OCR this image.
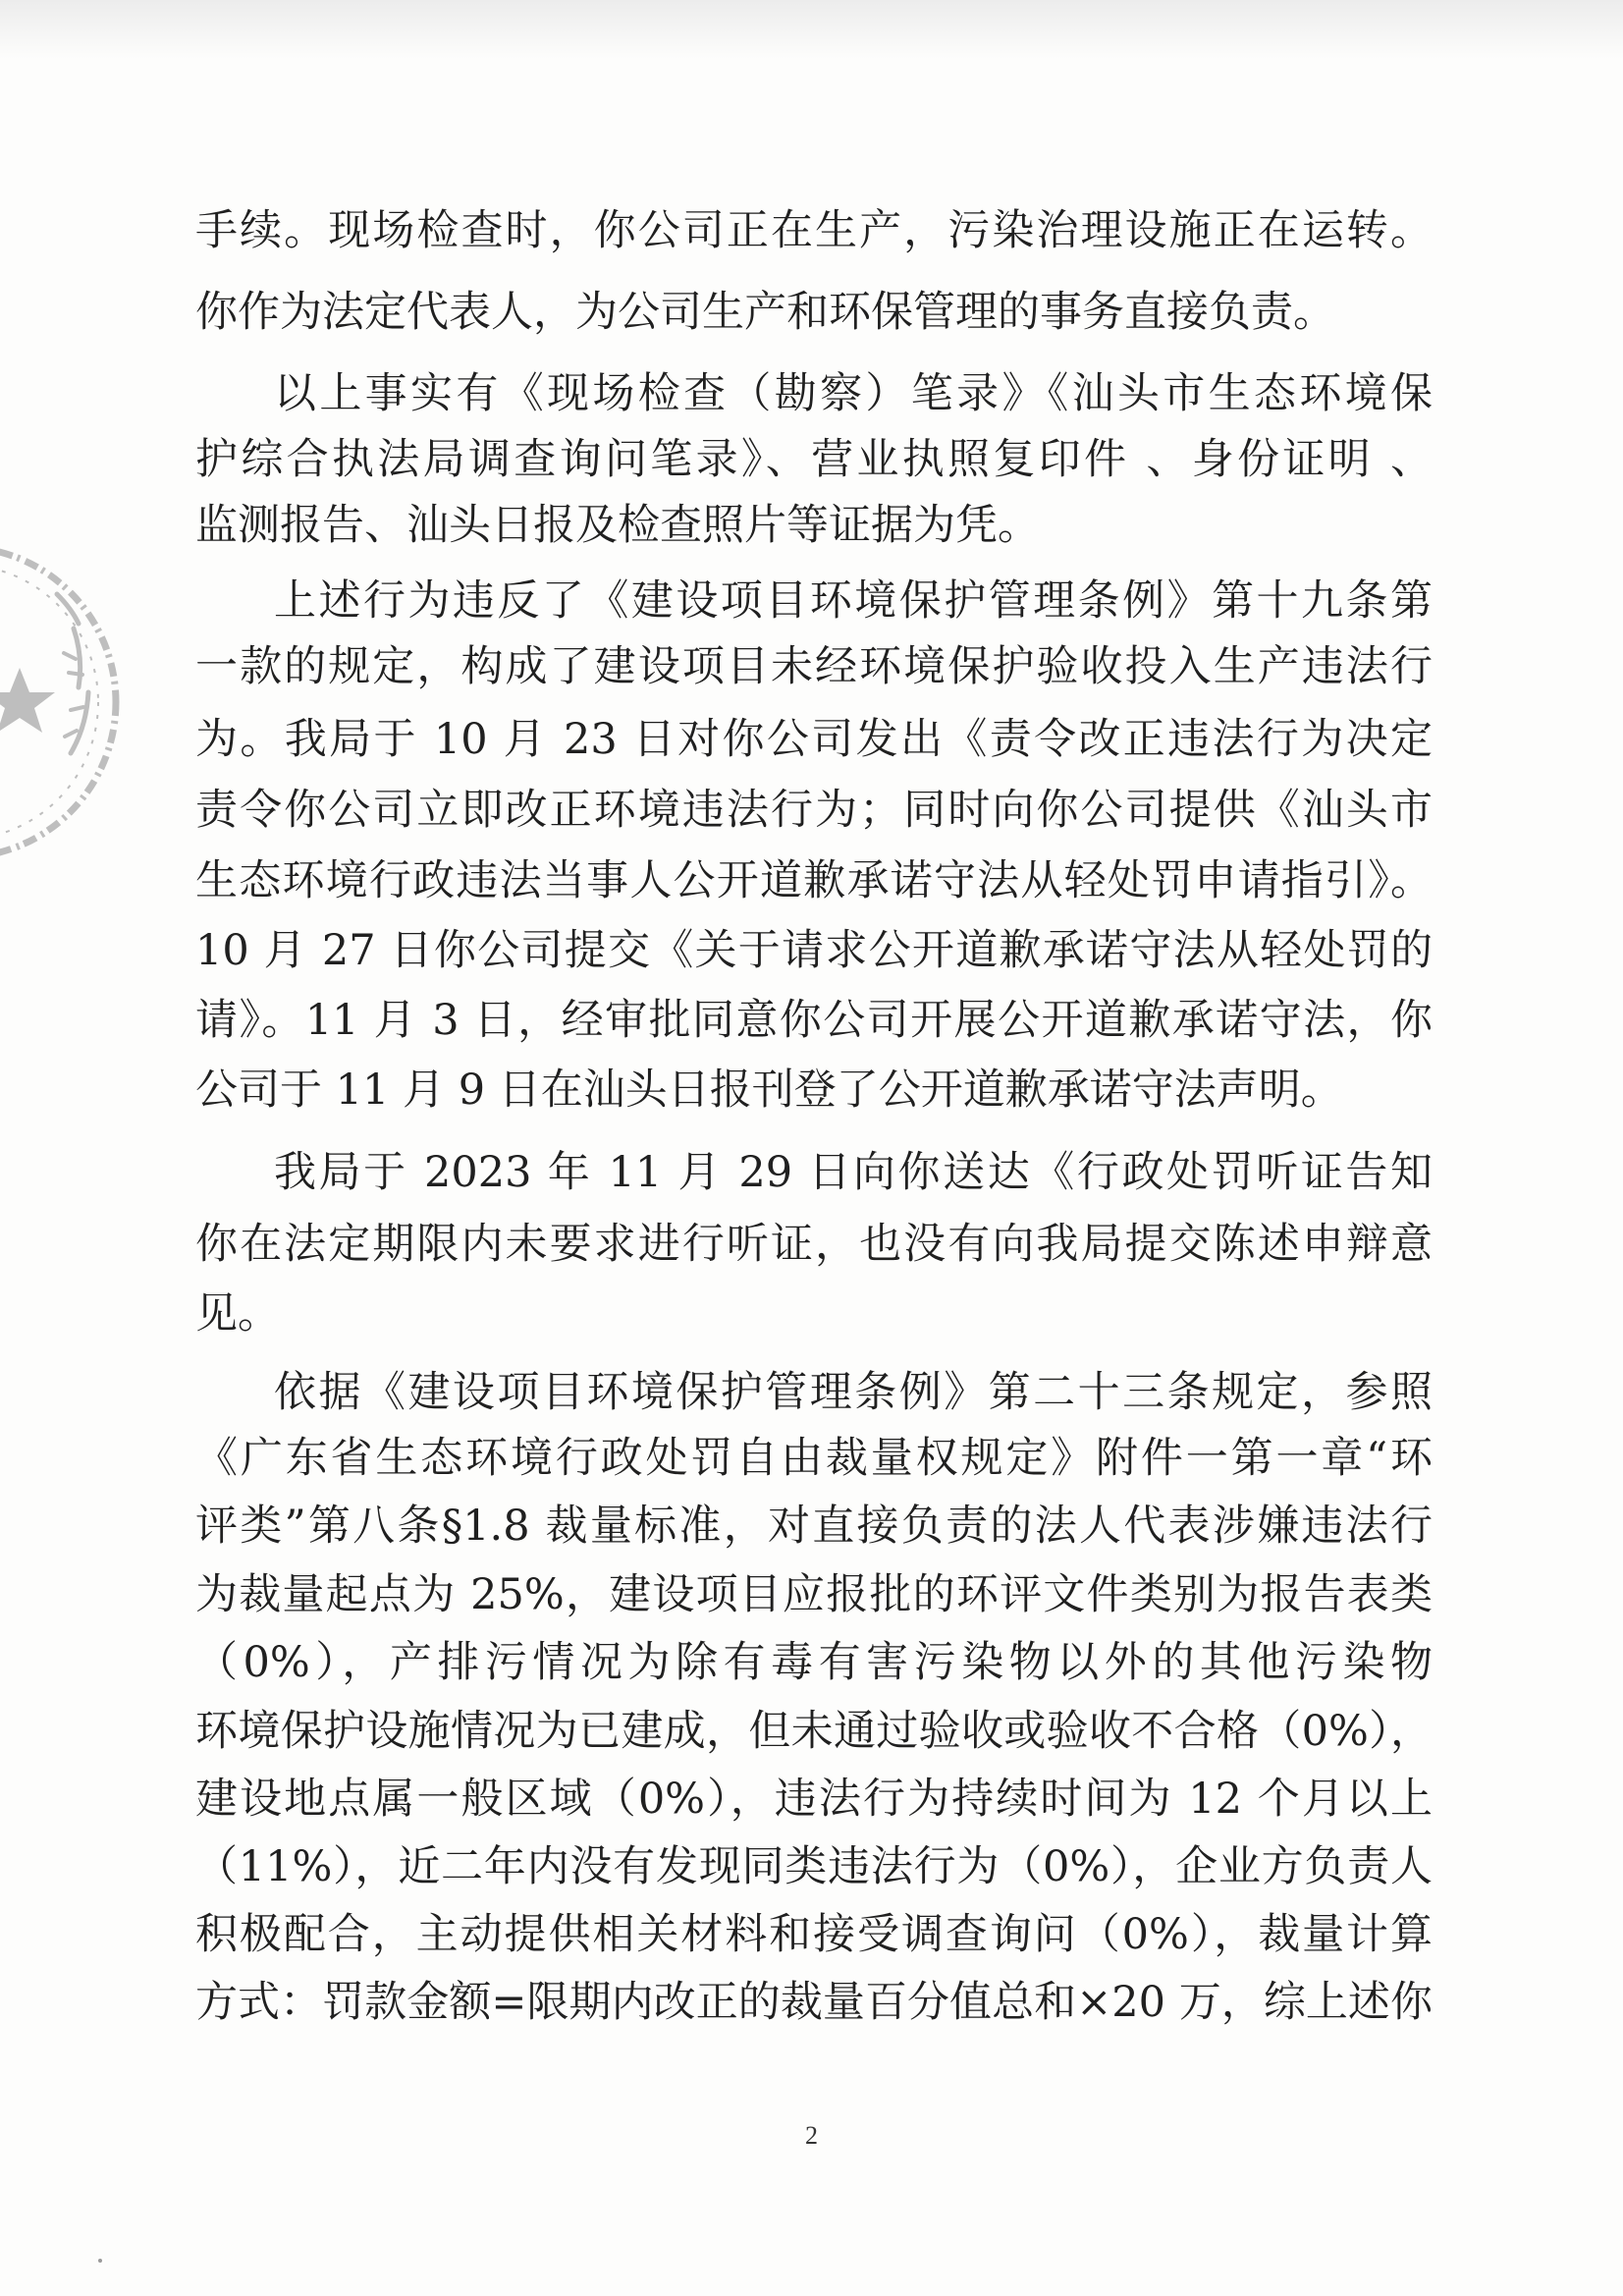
手续。现场检查时，你公司正在生产，污染治理设施正在运转。
你作为法定代表人，为公司生产和环保管理的事务直接负责。
以上事实有《现场检查（勘察）笔录》《汕头市生态环境保
护综合执法局调查询问笔录》、营业执照复印件 、身份证明 、
监测报告、汕头日报及检查照片等证据为凭。
上述行为违反了《建设项目环境保护管理条例》第十九条第
一款的规定，构成了建设项目未经环境保护验收投入生产违法行
为。我局于 10 月 23 日对你公司发出《责令改正违法行为决定
责令你公司立即改正环境违法行为；同时向你公司提供《汕头市
生态环境行政违法当事人公开道歉承诺守法从轻处罚申请指引》。
10 月 27 日你公司提交《关于请求公开道歉承诺守法从轻处罚的
请》。11 月 3 日，经审批同意你公司开展公开道歉承诺守法，你
公司于 11 月 9 日在汕头日报刊登了公开道歉承诺守法声明。
我局于 2023 年 11 月 29 日向你送达《行政处罚听证告知
你在法定期限内未要求进行听证，也没有向我局提交陈述申辩意
见。
依据《建设项目环境保护管理条例》第二十三条规定，参照
《广东省生态环境行政处罚自由裁量权规定》附件一第一章“环
评类”第八条§1.8 裁量标准，对直接负责的法人代表涉嫌违法行
为裁量起点为 25%，建设项目应报批的环评文件类别为报告表类
（0%），产排污情况为除有毒有害污染物以外的其他污染物
环境保护设施情况为已建成，但未通过验收或验收不合格（0%），
建设地点属一般区域（0%），违法行为持续时间为 12 个月以上
（11%），近二年内没有发现同类违法行为（0%），企业方负责人
积极配合，主动提供相关材料和接受调查询问（0%），裁量计算
方式：罚款金额=限期内改正的裁量百分值总和×20 万，综上述你
2
